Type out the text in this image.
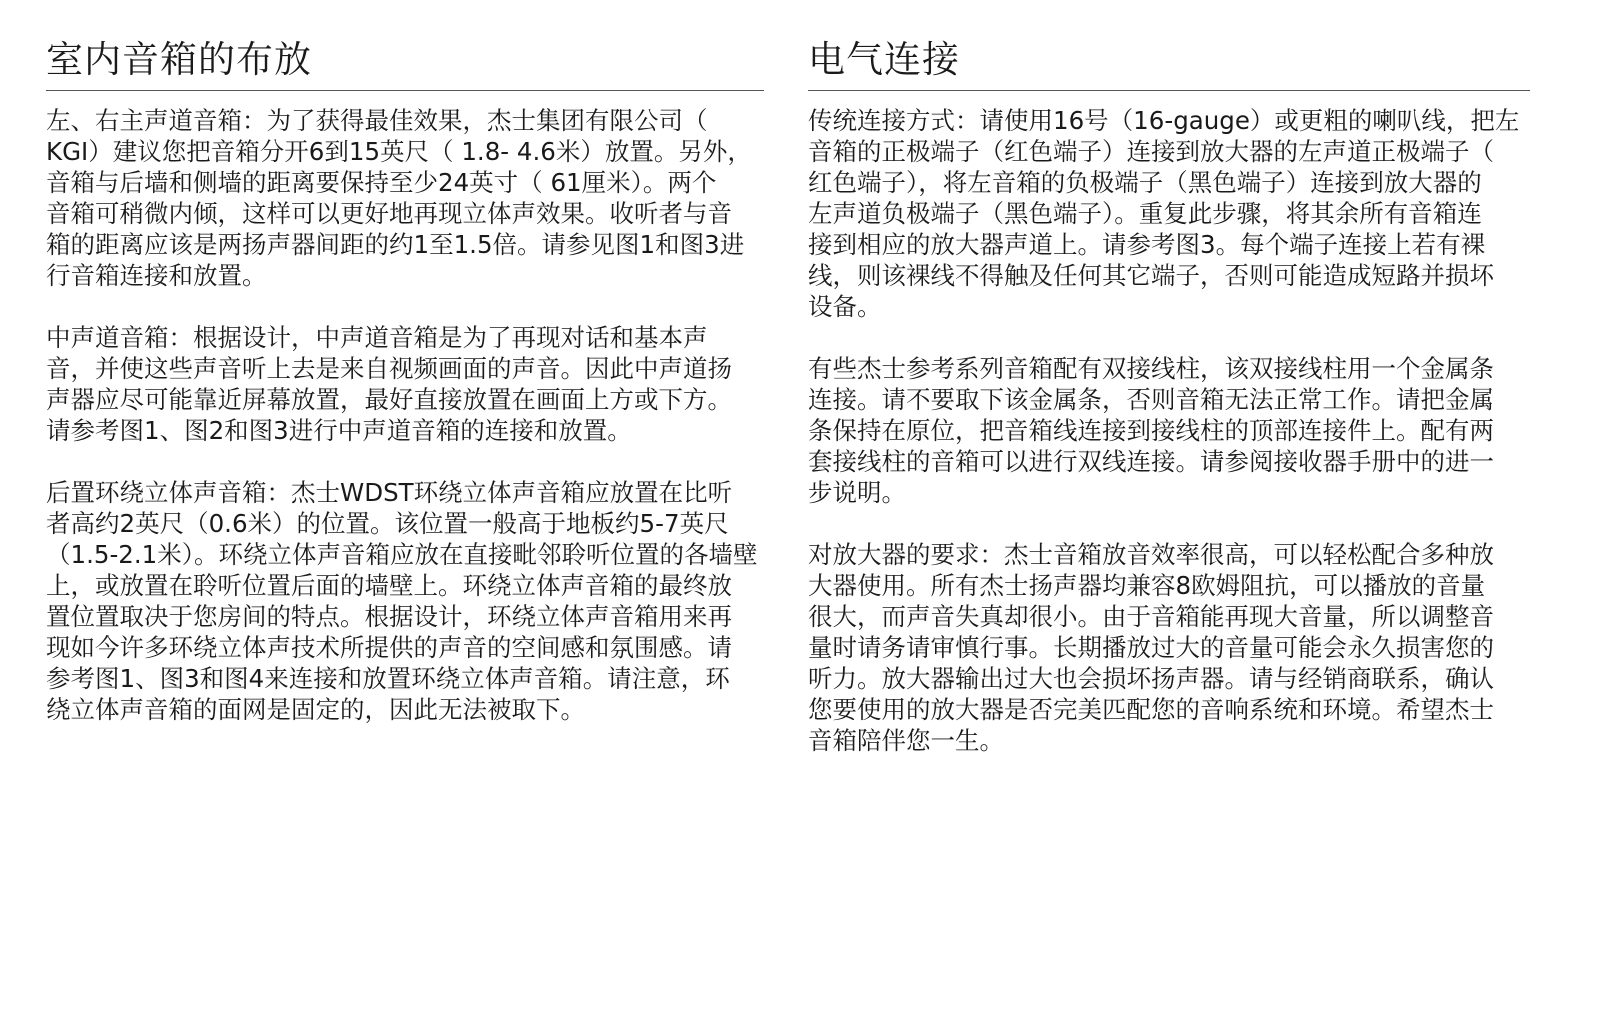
室内音箱的布放

左、右主声道音箱：为了获得最佳效果，杰士集团有限公司（
KGI）建议您把音箱分开6到15英尺（ 1.8- 4.6米）放置。另外，
音箱与后墙和侧墙的距离要保持至少24英寸（ 61厘米）。两个
音箱可稍微内倾，这样可以更好地再现立体声效果。收听者与音
箱的距离应该是两扬声器间距的约1至1.5倍。请参见图1和图3进
行音箱连接和放置。

中声道音箱：根据设计，中声道音箱是为了再现对话和基本声
音，并使这些声音听上去是来自视频画面的声音。因此中声道扬
声器应尽可能靠近屏幕放置，最好直接放置在画面上方或下方。
请参考图1、图2和图3进行中声道音箱的连接和放置。

后置环绕立体声音箱：杰士WDST环绕立体声音箱应放置在比听
者高约2英尺（0.6米）的位置。该位置一般高于地板约5-7英尺
（1.5-2.1米）。环绕立体声音箱应放在直接毗邻聆听位置的各墙壁
上，或放置在聆听位置后面的墙壁上。环绕立体声音箱的最终放
置位置取决于您房间的特点。根据设计，环绕立体声音箱用来再
现如今许多环绕立体声技术所提供的声音的空间感和氛围感。请
参考图1、图3和图4来连接和放置环绕立体声音箱。请注意，环
绕立体声音箱的面网是固定的，因此无法被取下。

电气连接

传统连接方式：请使用16号（16-gauge）或更粗的喇叭线，把左
音箱的正极端子（红色端子）连接到放大器的左声道正极端子（
红色端子），将左音箱的负极端子（黑色端子）连接到放大器的
左声道负极端子（黑色端子）。重复此步骤，将其余所有音箱连
接到相应的放大器声道上。请参考图3。每个端子连接上若有裸
线，则该裸线不得触及任何其它端子，否则可能造成短路并损坏
设备。

有些杰士参考系列音箱配有双接线柱，该双接线柱用一个金属条
连接。请不要取下该金属条，否则音箱无法正常工作。请把金属
条保持在原位，把音箱线连接到接线柱的顶部连接件上。配有两
套接线柱的音箱可以进行双线连接。请参阅接收器手册中的进一
步说明。

对放大器的要求：杰士音箱放音效率很高，可以轻松配合多种放
大器使用。所有杰士扬声器均兼容8欧姆阻抗，可以播放的音量
很大，而声音失真却很小。由于音箱能再现大音量，所以调整音
量时请务请审慎行事。长期播放过大的音量可能会永久损害您的
听力。放大器输出过大也会损坏扬声器。请与经销商联系，确认
您要使用的放大器是否完美匹配您的音响系统和环境。希望杰士
音箱陪伴您一生。
